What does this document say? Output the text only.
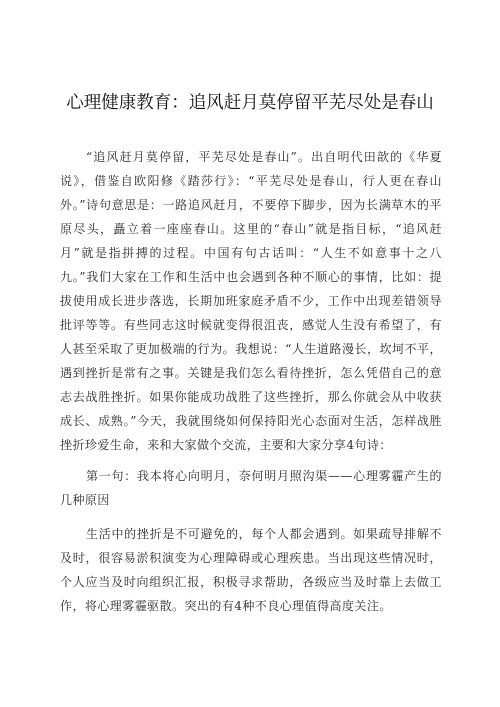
心理健康教育：追风赶月莫停留平芜尽处是春山

“追风赶月莫停留，平芜尽处是春山”。出自明代田歆的《华夏说》，借鉴自欧阳修《踏莎行》：“平芜尽处是春山，行人更在春山外。”诗句意思是：一路追风赶月，不要停下脚步，因为长满草木的平原尽头，矗立着一座座春山。这里的“春山”就是指目标，“追风赶月”就是指拼搏的过程。中国有句古话叫：“人生不如意事十之八九。”我们大家在工作和生活中也会遇到各种不顺心的事情，比如：提拔使用成长进步落选，长期加班家庭矛盾不少，工作中出现差错领导批评等等。有些同志这时候就变得很沮丧，感觉人生没有希望了，有人甚至采取了更加极端的行为。我想说：“人生道路漫长，坎坷不平，遇到挫折是常有之事。关键是我们怎么看待挫折，怎么凭借自己的意志去战胜挫折。如果你能成功战胜了这些挫折，那么你就会从中收获成长、成熟。”今天，我就围绕如何保持阳光心态面对生活，怎样战胜挫折珍爱生命，来和大家做个交流，主要和大家分享4句诗：

第一句：我本将心向明月，奈何明月照沟渠——心理雾霾产生的几种原因

生活中的挫折是不可避免的，每个人都会遇到。如果疏导排解不及时，很容易淤积演变为心理障碍或心理疾患。当出现这些情况时，个人应当及时向组织汇报，积极寻求帮助，各级应当及时靠上去做工作，将心理雾霾驱散。突出的有4种不良心理值得高度关注。
